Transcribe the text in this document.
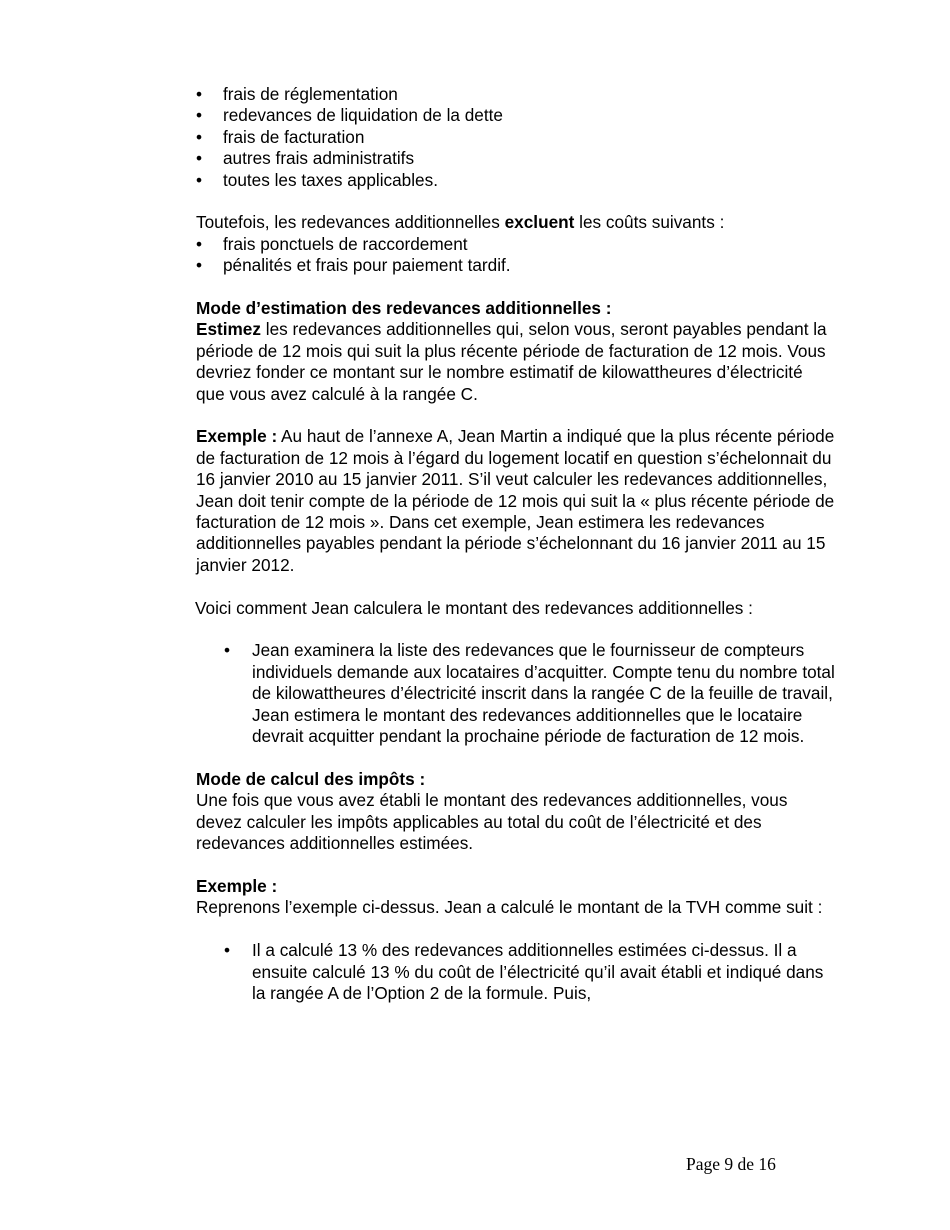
• frais de réglementation
• redevances de liquidation de la dette
• frais de facturation
• autres frais administratifs
• toutes les taxes applicables.

Toutefois, les redevances additionnelles excluent les coûts suivants :

• frais ponctuels de raccordement
• pénalités et frais pour paiement tardif.

Mode d’estimation des redevances additionnelles :

Estimez les redevances additionnelles qui, selon vous, seront payables pendant la période de 12 mois qui suit la plus récente période de facturation de 12 mois. Vous devriez fonder ce montant sur le nombre estimatif de kilowattheures d’électricité que vous avez calculé à la rangée C.

Exemple : Au haut de l’annexe A, Jean Martin a indiqué que la plus récente période de facturation de 12 mois à l’égard du logement locatif en question s’échelonnait du 16 janvier 2010 au 15 janvier 2011. S’il veut calculer les redevances additionnelles, Jean doit tenir compte de la période de 12 mois qui suit la « plus récente période de facturation de 12 mois ». Dans cet exemple, Jean estimera les redevances additionnelles payables pendant la période s’échelonnant du 16 janvier 2011 au 15 janvier 2012.

Voici comment Jean calculera le montant des redevances additionnelles :

• Jean examinera la liste des redevances que le fournisseur de compteurs individuels demande aux locataires d’acquitter. Compte tenu du nombre total de kilowattheures d’électricité inscrit dans la rangée C de la feuille de travail, Jean estimera le montant des redevances additionnelles que le locataire devrait acquitter pendant la prochaine période de facturation de 12 mois.

Mode de calcul des impôts :

Une fois que vous avez établi le montant des redevances additionnelles, vous devez calculer les impôts applicables au total du coût de l’électricité et des redevances additionnelles estimées.

Exemple :

Reprenons l’exemple ci-dessus. Jean a calculé le montant de la TVH comme suit :

• Il a calculé 13 % des redevances additionnelles estimées ci-dessus. Il a ensuite calculé 13 % du coût de l’électricité qu’il avait établi et indiqué dans la rangée A de l’Option 2 de la formule. Puis,
Page 9 de 16
